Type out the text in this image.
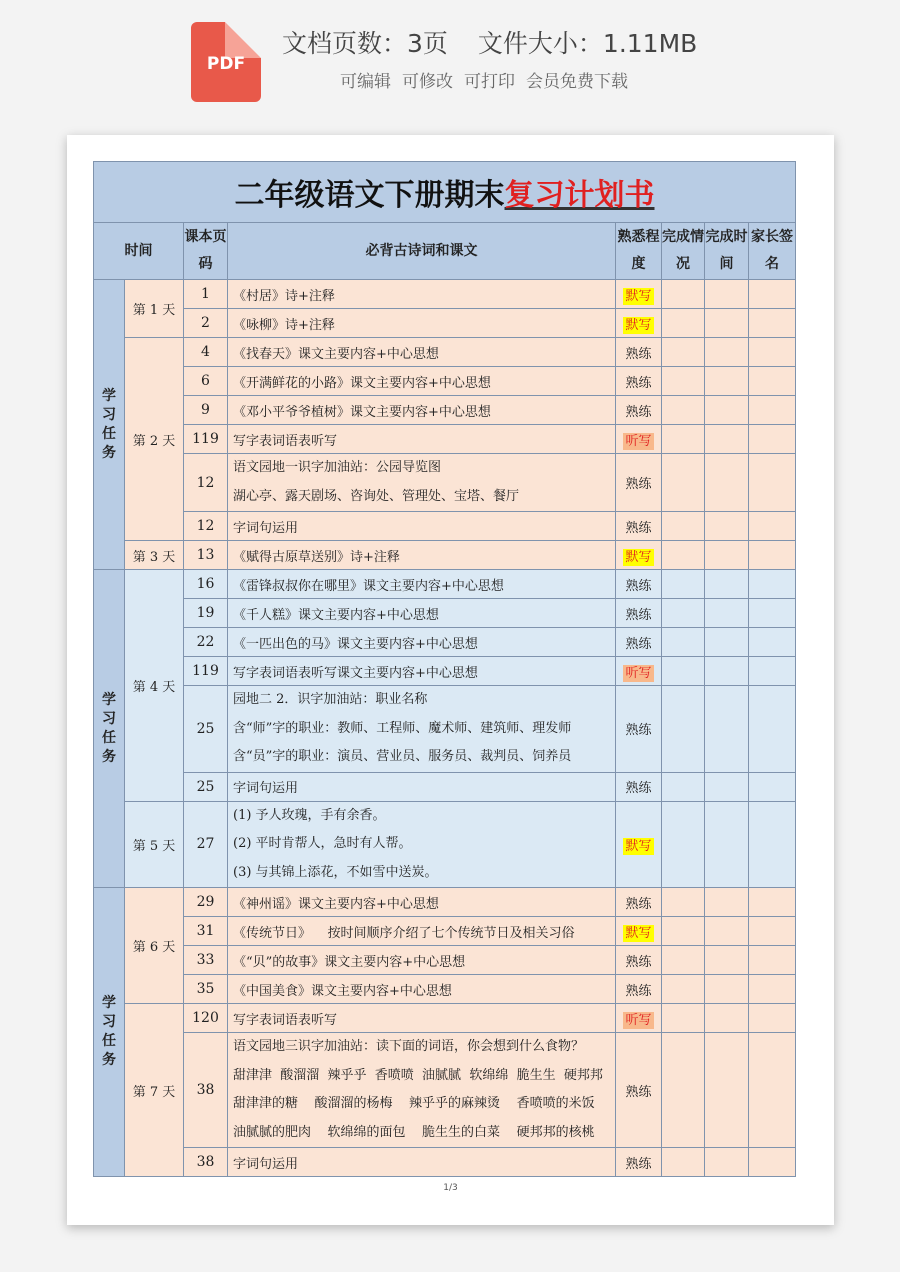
PDF
文档页数：3页 文件大小：1.11MB
可编辑 可修改 可打印 会员免费下载
二年级语文下册期末复习计划书							
时间		课本页码	必背古诗词和课文	熟悉程度	完成情况	完成时间	家长签名

学习任务	第 1 天	1	《村居》诗+注释	默写			
		2	《咏柳》诗+注释	默写			
	第 2 天	4	《找春天》课文主要内容+中心思想	熟练			
		6	《开满鲜花的小路》课文主要内容+中心思想	熟练			
		9	《邓小平爷爷植树》课文主要内容+中心思想	熟练			
		119	写字表词语表听写	听写			
		12	语文园地一识字加油站：公园导览图
湖心亭、露天剧场、咨询处、管理处、宝塔、餐厅	熟练			
		12	字词句运用	熟练			
	第 3 天	13	《赋得古原草送别》诗+注释	默写			

学习任务	第 4 天	16	《雷锋叔叔你在哪里》课文主要内容+中心思想	熟练			
		19	《千人糕》课文主要内容+中心思想	熟练			
		22	《一匹出色的马》课文主要内容+中心思想	熟练			
		119	写字表词语表听写课文主要内容+中心思想	听写			
		25	园地二 2．识字加油站：职业名称
含“师”字的职业：教师、工程师、魔术师、建筑师、理发师
含“员”字的职业：演员、营业员、服务员、裁判员、饲养员	熟练			
		25	字词句运用	熟练			
	第 5 天	27	(1) 予人玫瑰，手有余香。
(2) 平时肯帮人，急时有人帮。
(3) 与其锦上添花，不如雪中送炭。	默写			

学习任务	第 6 天	29	《神州谣》课文主要内容+中心思想	熟练			
		31	《传统节日》    按时间顺序介绍了七个传统节日及相关习俗	默写			
		33	《“贝”的故事》课文主要内容+中心思想	熟练			
		35	《中国美食》课文主要内容+中心思想	熟练			
	第 7 天	120	写字表词语表听写	听写			
		38	语文园地三识字加油站：读下面的词语，你会想到什么食物？
甜津津  酸溜溜  辣乎乎  香喷喷  油腻腻  软绵绵  脆生生  硬邦邦
甜津津的糖    酸溜溜的杨梅    辣乎乎的麻辣烫    香喷喷的米饭
油腻腻的肥肉    软绵绵的面包    脆生生的白菜    硬邦邦的核桃	熟练			
		38	字词句运用	熟练			
1/3
